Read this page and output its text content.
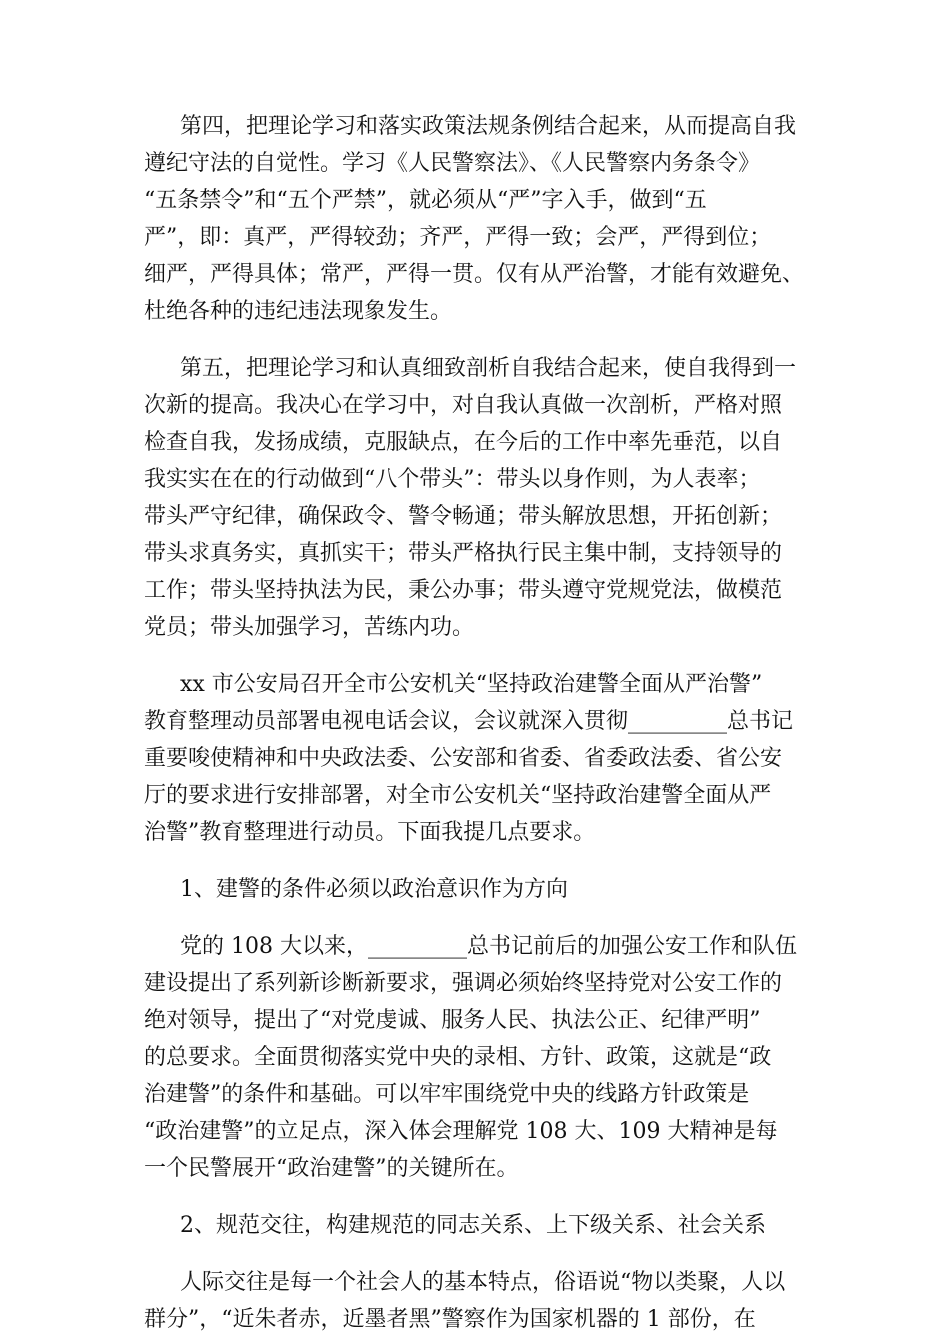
第四，把理论学习和落实政策法规条例结合起来，从而提高自我
遵纪守法的自觉性。学习《人民警察法》、《人民警察内务条令》
“五条禁令”和“五个严禁”，就必须从“严”字入手，做到“五
严”，即：真严，严得较劲；齐严，严得一致；会严，严得到位；
细严，严得具体；常严，严得一贯。仅有从严治警，才能有效避免、
杜绝各种的违纪违法现象发生。
第五，把理论学习和认真细致剖析自我结合起来，使自我得到一
次新的提高。我决心在学习中，对自我认真做一次剖析，严格对照
检查自我，发扬成绩，克服缺点，在今后的工作中率先垂范，以自
我实实在在的行动做到“八个带头”：带头以身作则，为人表率；
带头严守纪律，确保政令、警令畅通；带头解放思想，开拓创新；
带头求真务实，真抓实干；带头严格执行民主集中制，支持领导的
工作；带头坚持执法为民，秉公办事；带头遵守党规党法，做模范
党员；带头加强学习，苦练内功。
xx 市公安局召开全市公安机关“坚持政治建警全面从严治警”
教育整理动员部署电视电话会议，会议就深入贯彻_________总书记
重要唆使精神和中央政法委、公安部和省委、省委政法委、省公安
厅的要求进行安排部署，对全市公安机关“坚持政治建警全面从严
治警”教育整理进行动员。下面我提几点要求。
1、建警的条件必须以政治意识作为方向
党的 108 大以来，_________总书记前后的加强公安工作和队伍
建设提出了系列新诊断新要求，强调必须始终坚持党对公安工作的
绝对领导，提出了“对党虔诚、服务人民、执法公正、纪律严明”
的总要求。全面贯彻落实党中央的录相、方针、政策，这就是“政
治建警”的条件和基础。可以牢牢围绕党中央的线路方针政策是
“政治建警”的立足点，深入体会理解党 108 大、109 大精神是每
一个民警展开“政治建警”的关键所在。
2、规范交往，构建规范的同志关系、上下级关系、社会关系
人际交往是每一个社会人的基本特点，俗语说“物以类聚，人以
群分”，“近朱者赤，近墨者黑”警察作为国家机器的 1 部份，在
